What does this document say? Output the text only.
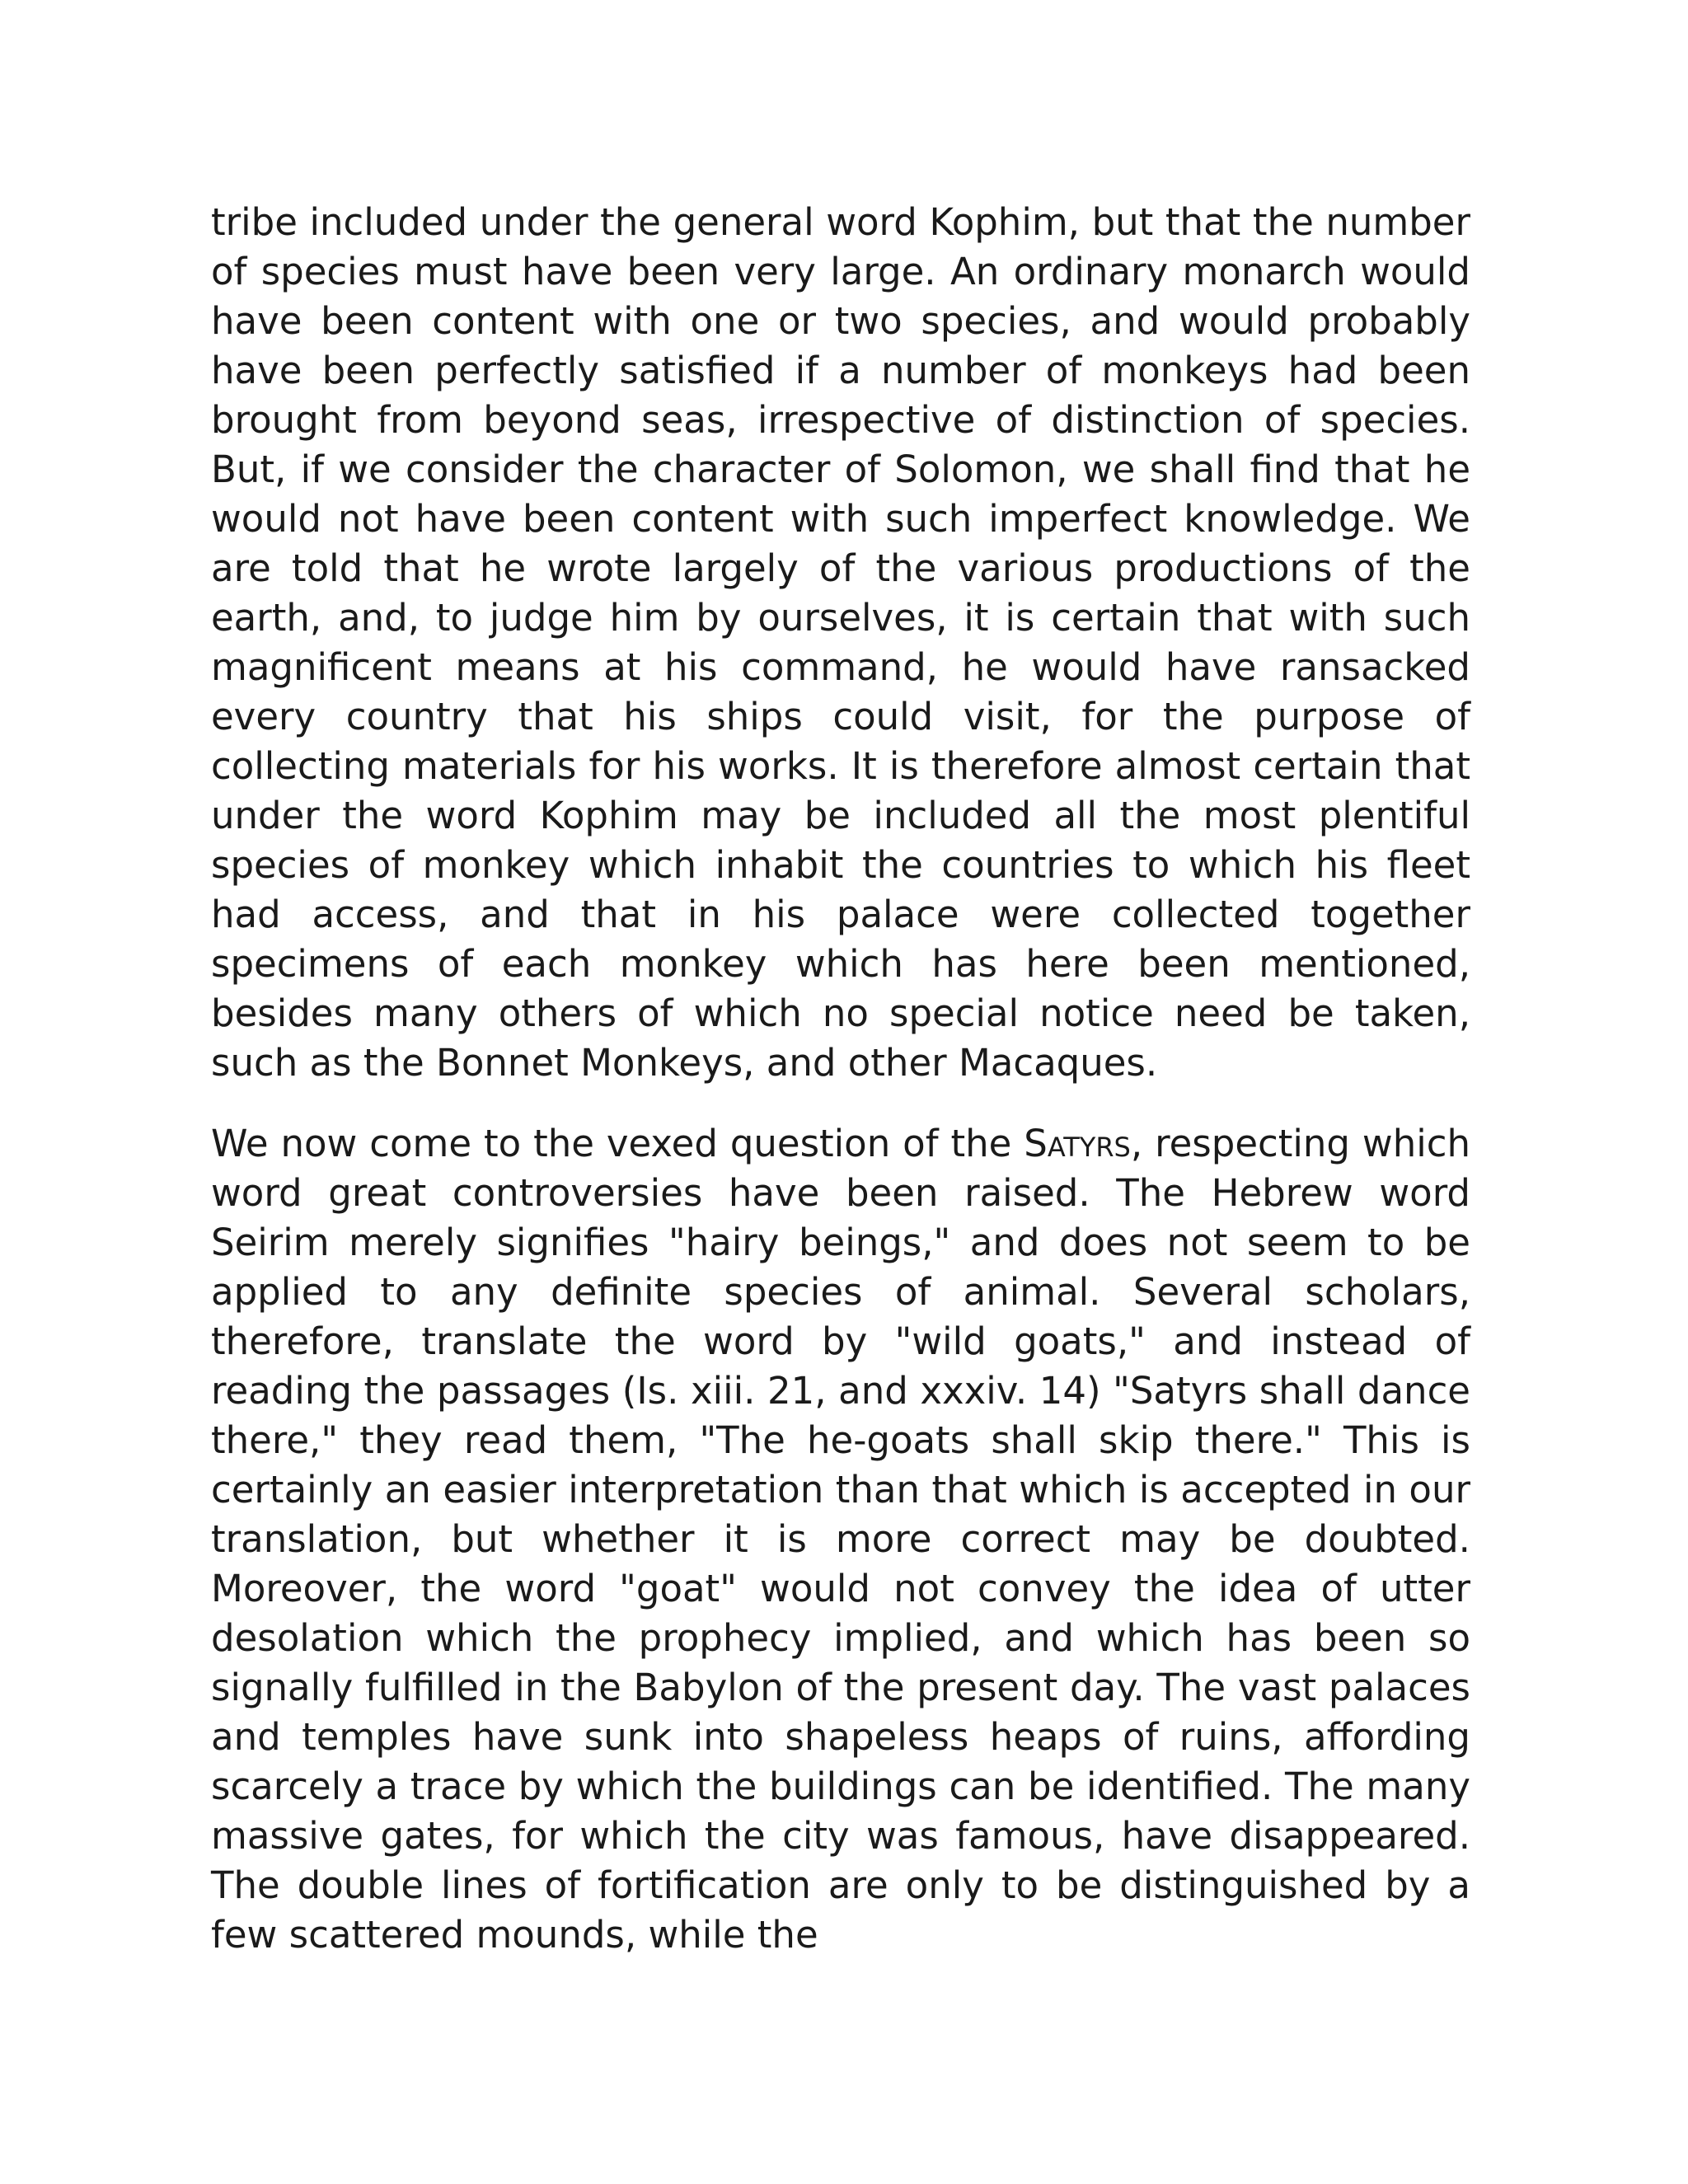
tribe included under the general word Kophim, but that the number of species must have been very large. An ordinary monarch would have been content with one or two species, and would probably have been perfectly satisfied if a number of monkeys had been brought from beyond seas, irrespective of distinction of species. But, if we consider the character of Solomon, we shall find that he would not have been content with such imperfect knowledge. We are told that he wrote largely of the various productions of the earth, and, to judge him by ourselves, it is certain that with such magnificent means at his command, he would have ransacked every country that his ships could visit, for the purpose of collecting materials for his works. It is therefore almost certain that under the word Kophim may be included all the most plentiful species of monkey which inhabit the countries to which his fleet had access, and that in his palace were collected together specimens of each monkey which has here been mentioned, besides many others of which no special notice need be taken, such as the Bonnet Monkeys, and other Macaques.

We now come to the vexed question of the Satyrs, respecting which word great controversies have been raised. The Hebrew word Seirim merely signifies "hairy beings," and does not seem to be applied to any definite species of animal. Several scholars, therefore, translate the word by "wild goats," and instead of reading the passages (Is. xiii. 21, and xxxiv. 14) "Satyrs shall dance there," they read them, "The he-goats shall skip there." This is certainly an easier interpretation than that which is accepted in our translation, but whether it is more correct may be doubted. Moreover, the word "goat" would not convey the idea of utter desolation which the prophecy implied, and which has been so signally fulfilled in the Babylon of the present day. The vast palaces and temples have sunk into shapeless heaps of ruins, affording scarcely a trace by which the buildings can be identified. The many massive gates, for which the city was famous, have disappeared. The double lines of fortification are only to be distinguished by a few scattered mounds, while the
